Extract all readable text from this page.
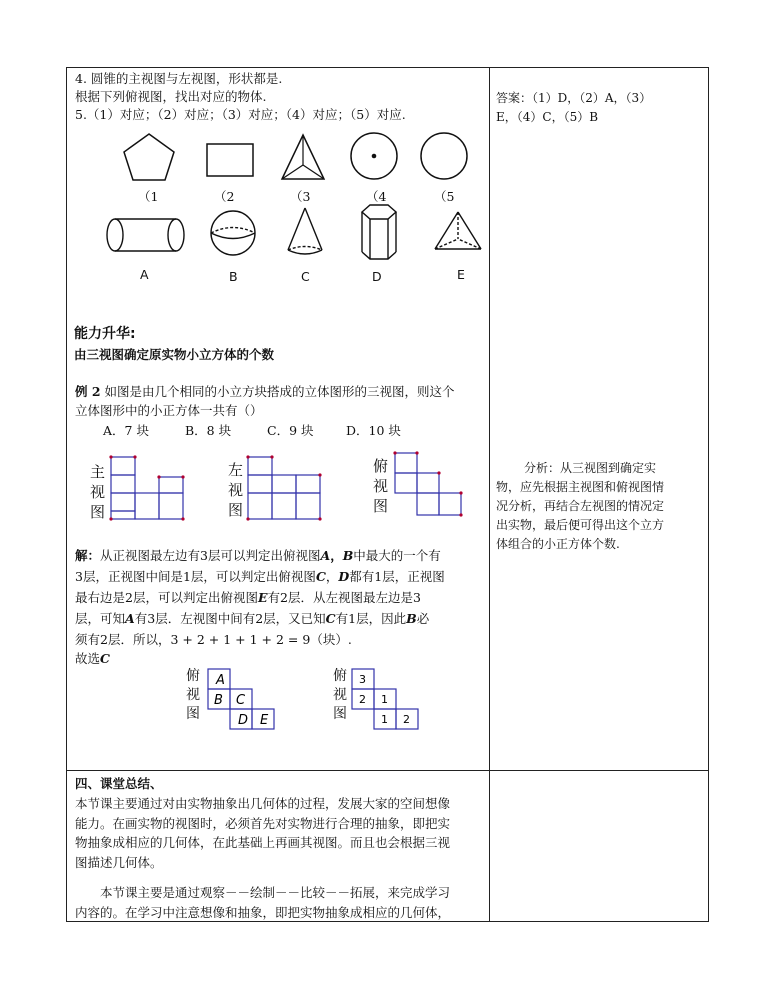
4. 圆锥的主视图与左视图，形状都是.
根据下列俯视图，找出对应的物体.
5.（1）对应；（2）对应；（3）对应；（4）对应；（5）对应.
答案：（1）D，（2）A，（3）
E，（4）C，（5）B
（1	（2	（3	（4	（5
A	B	C	D	E
能力升华:
由三视图确定原实物小立方体的个数
例 2 如图是由几个相同的小立方块搭成的立体图形的三视图，则这个
立体图形中的小正方体一共有（）
A．7 块	B．8 块	C．9 块	D．10 块
主
视
图
左
视
图
俯
视
图
分析：从三视图到确定实
物，应先根据主视图和俯视图情
况分析，再结合左视图的情况定
出实物，最后便可得出这个立方
体组合的小正方体个数.
解：从正视图最左边有3层可以判定出俯视图A，B中最大的一个有
3层，正视图中间是1层，可以判定出俯视图C，D都有1层，正视图
最右边是2层，可以判定出俯视图E有2层．从左视图最左边是3
层，可知A有3层．左视图中间有2层，又已知C有1层，因此B必
须有2层．所以，3 + 2 + 1 + 1 + 2 = 9（块）.
故选C
俯
视
图
俯
视
图
A
B C
D E
3
2 1
1 2
四、课堂总结、
本节课主要通过对由实物抽象出几何体的过程，发展大家的空间想像
能力。在画实物的视图时，必须首先对实物进行合理的抽象，即把实
物抽象成相应的几何体，在此基础上再画其视图。而且也会根据三视
图描述几何体。
本节课主要是通过观察－－绘制－－比较－－拓展，来完成学习
内容的。在学习中注意想像和抽象，即把实物抽象成相应的几何体，
